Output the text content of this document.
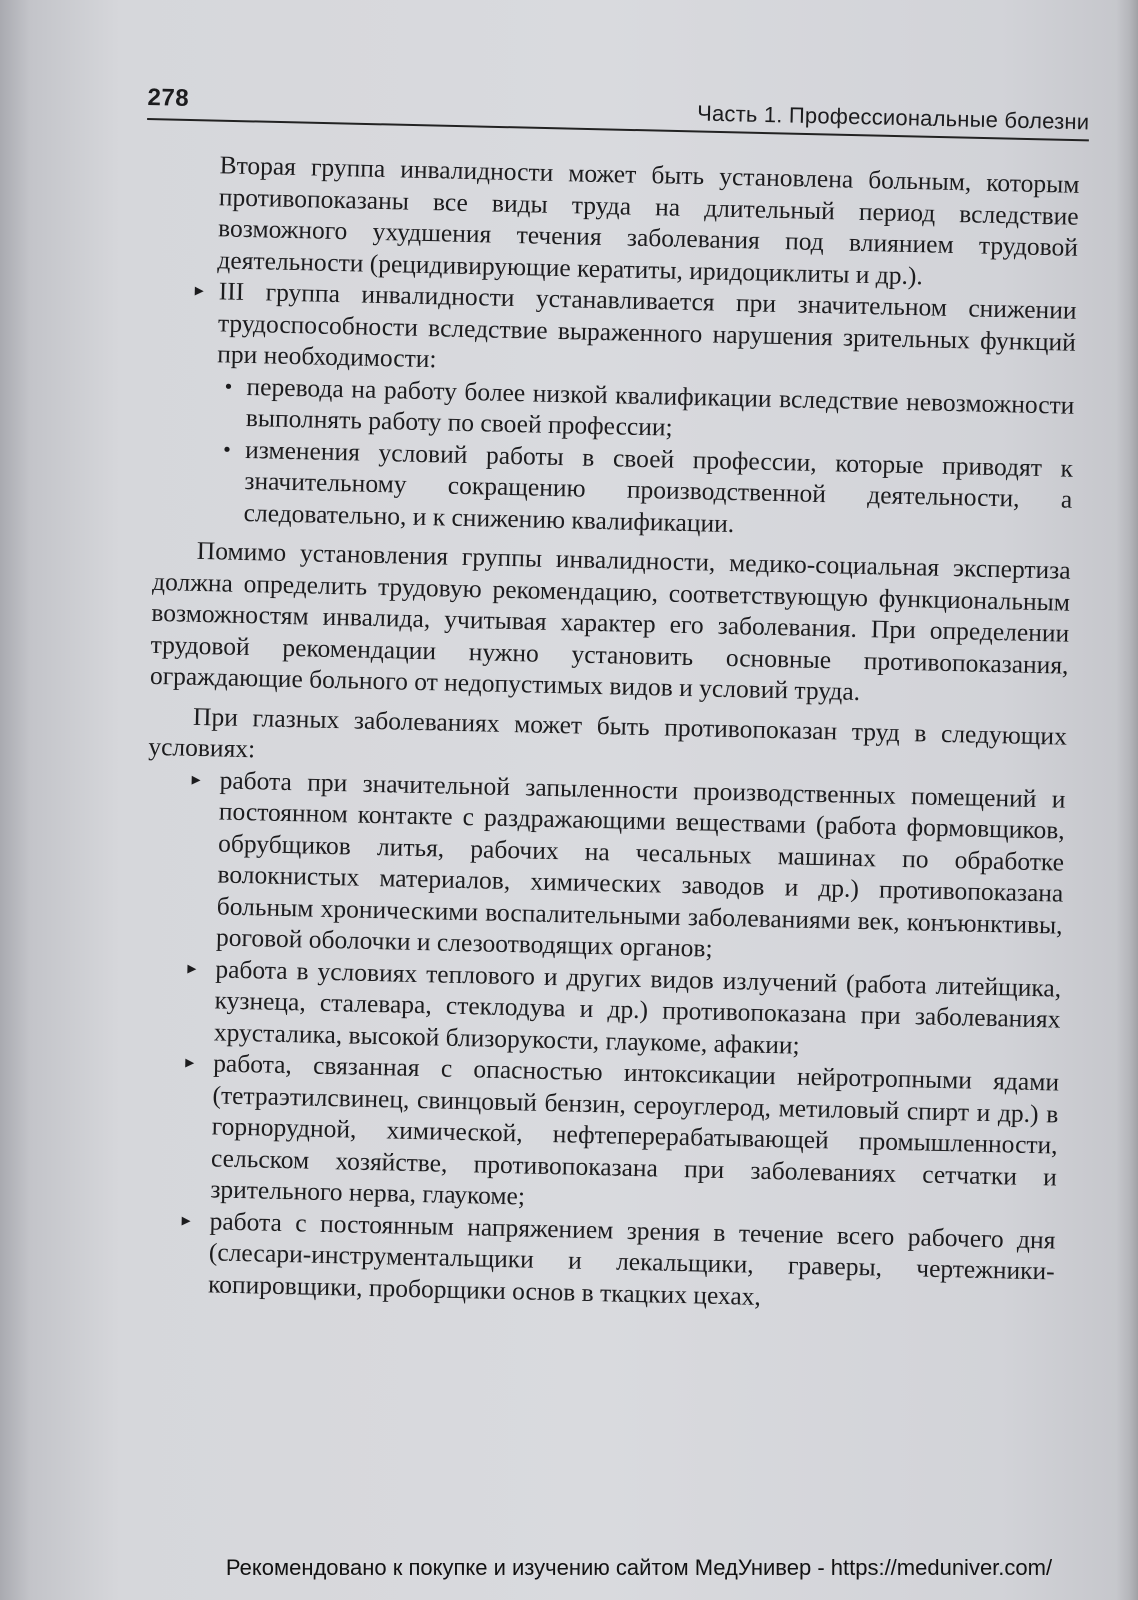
278
Часть 1. Профессиональные болезни

Вторая группа инвалидности может быть установлена больным, которым противопоказаны все виды труда на длительный период вследствие возможного ухудшения течения заболевания под влиянием трудовой деятельности (рецидивирующие кератиты, иридоциклиты и др.).

▸ III группа инвалидности устанавливается при значительном снижении трудоспособности вследствие выраженного нарушения зрительных функций при необходимости:
• перевода на работу более низкой квалификации вследствие невозможности выполнять работу по своей профессии;
• изменения условий работы в своей профессии, которые приводят к значительному сокращению производственной деятельности, а следовательно, и к снижению квалификации.

Помимо установления группы инвалидности, медико-социальная экспертиза должна определить трудовую рекомендацию, соответствующую функциональным возможностям инвалида, учитывая характер его заболевания. При определении трудовой рекомендации нужно установить основные противопоказания, ограждающие больного от недопустимых видов и условий труда.

При глазных заболеваниях может быть противопоказан труд в следующих условиях:

▸ работа при значительной запыленности производственных помещений и постоянном контакте с раздражающими веществами (работа формовщиков, обрубщиков литья, рабочих на чесальных машинах по обработке волокнистых материалов, химических заводов и др.) противопоказана больным хроническими воспалительными заболеваниями век, конъюнктивы, роговой оболочки и слезоотводящих органов;
▸ работа в условиях теплового и других видов излучений (работа литейщика, кузнеца, сталевара, стеклодува и др.) противопоказана при заболеваниях хрусталика, высокой близорукости, глаукоме, афакии;
▸ работа, связанная с опасностью интоксикации нейротропными ядами (тетраэтилсвинец, свинцовый бензин, сероуглерод, метиловый спирт и др.) в горнорудной, химической, нефтеперерабатывающей промышленности, сельском хозяйстве, противопоказана при заболеваниях сетчатки и зрительного нерва, глаукоме;
▸ работа с постоянным напряжением зрения в течение всего рабочего дня (слесари-инструментальщики и лекальщики, граверы, чертежники-копировщики, проборщики основ в ткацких цехах,
Рекомендовано к покупке и изучению сайтом МедУнивер - https://meduniver.com/
